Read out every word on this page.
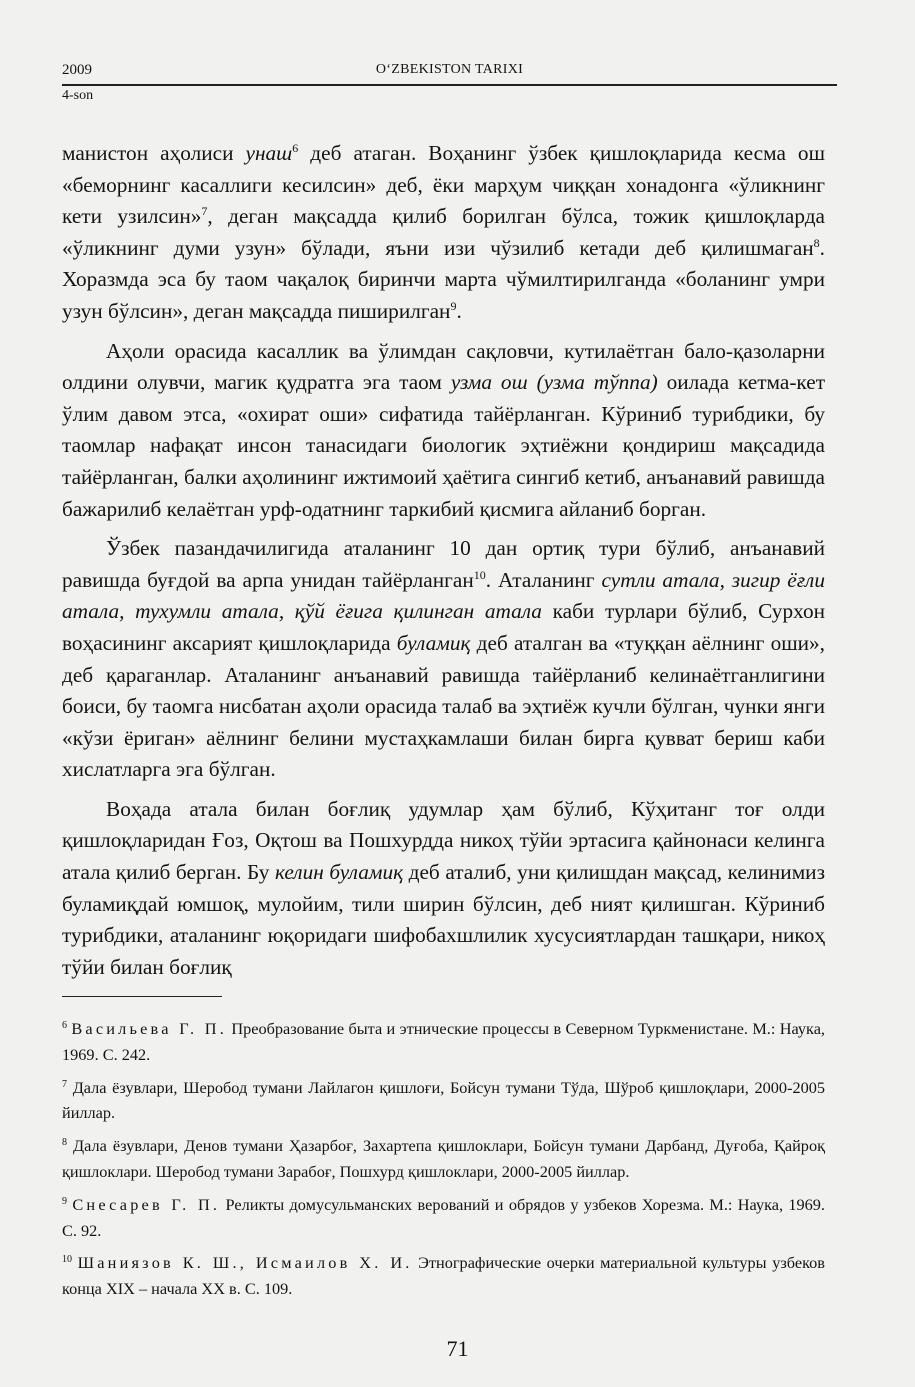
2009	O‘ZBEKISTON TARIXI
4-son

манистон аҳолиси унаш$^6$ деб атаган. Воҳанинг ўзбек қишлоқларида кесма ош «беморнинг касаллиги кесилсин» деб, ёки марҳум чиққан хонадонга «ўликнинг кети узилсин»$^7$, деган мақсадда қилиб борилган бўлса, тожик қишлоқларда «ўликнинг думи узун» бўлади, яъни изи чўзилиб кетади деб қилишмаган$^8$. Хоразмда эса бу таом чақалоқ биринчи марта чўмилтирилганда «боланинг умри узун бўлсин», деган мақсадда пиширилган$^9$.

Аҳоли орасида касаллик ва ўлимдан сақловчи, кутилаётган бало-қазоларни олдини олувчи, магик қудратга эга таом узма ош (узма тўппа) оилада кетма-кет ўлим давом этса, «охират оши» сифатида тайёрланган. Кўриниб турибдики, бу таомлар нафақат инсон танасидаги биологик эҳтиёжни қондириш мақсадида тайёрланган, балки аҳолининг ижтимоий ҳаётига сингиб кетиб, анъанавий равишда бажарилиб келаётган урф-одатнинг таркибий қисмига айланиб борган.

Ўзбек пазандачилигида аталанинг 10 дан ортиқ тури бўлиб, анъанавий равишда буғдой ва арпа унидан тайёрланган$^{10}$. Аталанинг сутли атала, зигир ёғли атала, тухумли атала, қўй ёғига қилинган атала каби турлари бўлиб, Сурхон воҳасининг аксарият қишлоқларида буламиқ деб аталган ва «туққан аёлнинг оши», деб қараганлар. Аталанинг анъанавий равишда тайёрланиб келинаётганлигини боиси, бу таомга нисбатан аҳоли орасида талаб ва эҳтиёж кучли бўлган, чунки янги «кўзи ёриган» аёлнинг белини мустаҳкамлаши билан бирга қувват бериш каби хислатларга эга бўлган.

Воҳада атала билан боғлиқ удумлар ҳам бўлиб, Кўҳитанг тоғ олди қишлоқларидан Ғоз, Оқтош ва Пошхурдда никоҳ тўйи эртасига қайнонаси келинга атала қилиб берган. Бу келин буламиқ деб аталиб, уни қилишдан мақсад, келинимиз буламиқдай юмшоқ, мулойим, тили ширин бўлсин, деб ният қилишган. Кўриниб турибдики, аталанинг юқоридаги шифобахшлилик хусусиятлардан ташқари, никоҳ тўйи билан боғлиқ

$^6$ Васильева Г. П. Преобразование быта и этнические процессы в Северном Туркменистане. М.: Наука, 1969. С. 242.

$^7$ Дала ёзувлари, Шеробод тумани Лайлагон қишлоғи, Бойсун тумани Тўда, Шўроб қишлоқлари, 2000-2005 йиллар.

$^8$ Дала ёзувлари, Денов тумани Ҳазарбоғ, Захартепа қишлоклари, Бойсун тумани Дарбанд, Дуғоба, Қайроқ қишлоклари. Шеробод тумани Зарабоғ, Пошхурд қишлоклари, 2000-2005 йиллар.

$^9$ Снесарев Г. П. Реликты домусульманских верований и обрядов у узбеков Хорезма. М.: Наука, 1969. С. 92.

$^{10}$ Шаниязов К. Ш., Исмаилов Х. И. Этнографические очерки материальной культуры узбеков конца XIX – начала XX в. С. 109.

71
